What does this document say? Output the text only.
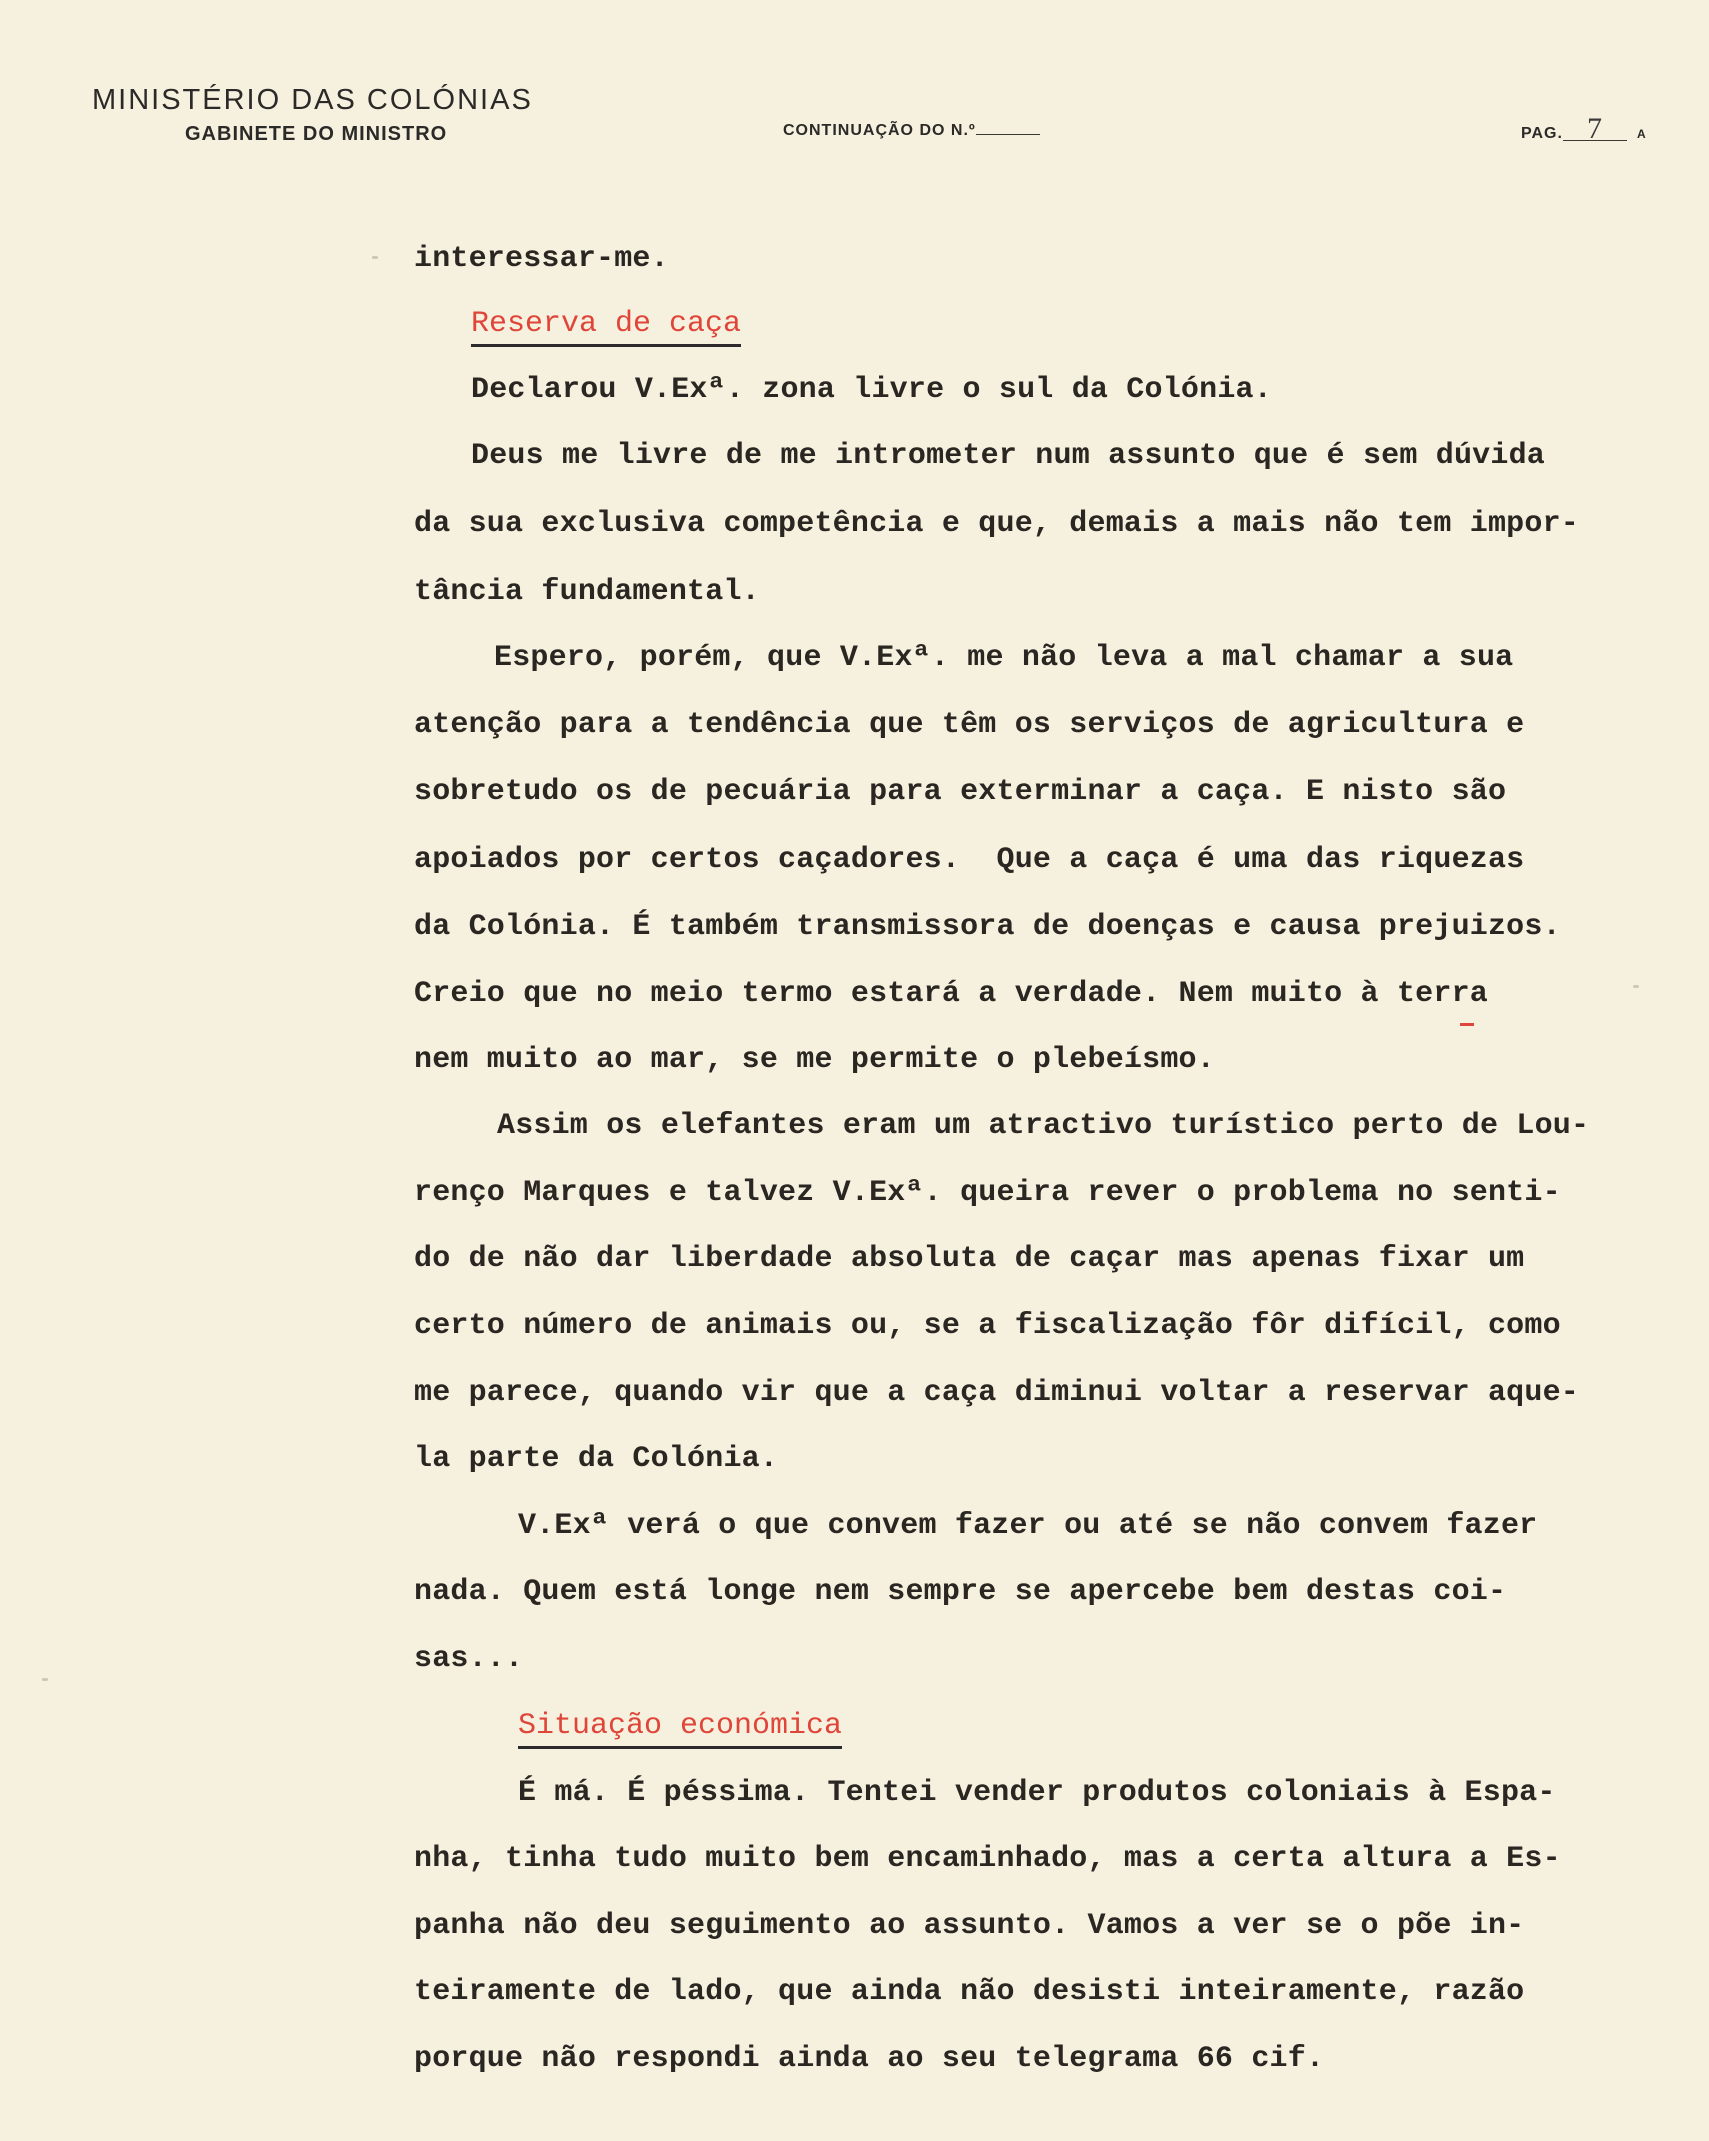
MINISTÉRIO DAS COLÓNIAS
GABINETE DO MINISTRO	CONTINUAÇÃO DO N.º	PAG. 7	A
interessar-me.
Reserva de caça
Declarou V.Exª. zona livre o sul da Colónia.
Deus me livre de me intrometer num assunto que é sem dúvida
da sua exclusiva competência e que, demais a mais não tem impor-
tância fundamental.
Espero, porém, que V.Exª. me não leva a mal chamar a sua
atenção para a tendência que têm os serviços de agricultura e
sobretudo os de pecuária para exterminar a caça. E nisto são
apoiados por certos caçadores.  Que a caça é uma das riquezas
da Colónia. É também transmissora de doenças e causa prejuizos.
Creio que no meio termo estará a verdade. Nem muito à terra
nem muito ao mar, se me permite o plebeísmo.
Assim os elefantes eram um atractivo turístico perto de Lou-
renço Marques e talvez V.Exª. queira rever o problema no senti-
do de não dar liberdade absoluta de caçar mas apenas fixar um
certo número de animais ou, se a fiscalização fôr difícil, como
me parece, quando vir que a caça diminui voltar a reservar aque-
la parte da Colónia.
V.Exª verá o que convem fazer ou até se não convem fazer
nada. Quem está longe nem sempre se apercebe bem destas coi-
sas...
Situação económica
É má. É péssima. Tentei vender produtos coloniais à Espa-
nha, tinha tudo muito bem encaminhado, mas a certa altura a Es-
panha não deu seguimento ao assunto. Vamos a ver se o põe in-
teiramente de lado, que ainda não desisti inteiramente, razão
porque não respondi ainda ao seu telegrama 66 cif.
